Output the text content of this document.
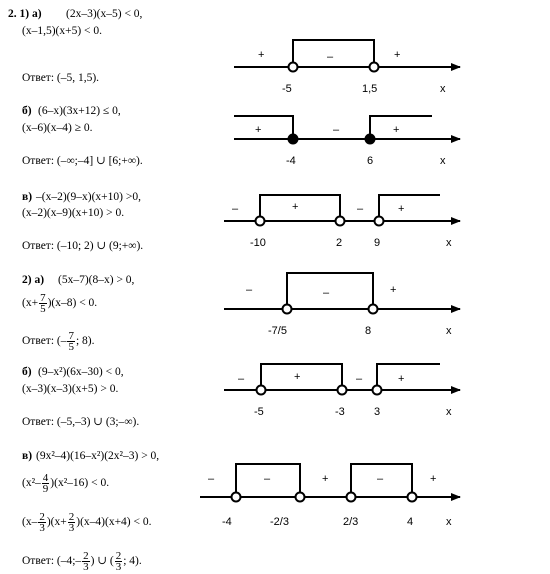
2. 1) а) (2x–3)(x–5) < 0,
(x–1,5)(x+5) < 0.
Ответ: (–5, 1,5).
б) (6–x)(3x+12) ≤ 0,
(x–6)(x–4) ≥ 0.
Ответ: (–∞;–4] ∪ [6;+∞).
в) –(x–2)(9–x)(x+10) >0,
(x–2)(x–9)(x+10) > 0.
Ответ: (–10; 2) ∪ (9;+∞).
2) а) (5x–7)(8–x) > 0,
$(x+ \frac{7}{5} )(x-8) < 0$.
Ответ: (– $\frac{7}{5}$ ; 8).
б) (9–x²)(6x–30) < 0,
(x–3)(x–3)(x+5) > 0.
Ответ: (–5,–3) ∪ (3;–∞).
в) (9x²–4)(16–x²)(2x²–3) > 0,
$(x^2- \frac{4}{9} )(x^2-16) < 0$.
$(x- \frac{2}{3} )(x+ \frac{2}{3} )(x-4)(x+4) < 0$.
Ответ: (–4;– $\frac{2}{3}$ ) ∪ ( $\frac{2}{3}$ ; 4).
+	–	+
-5	1,5	x
+	–	+
-4	6	x
–	+	–	+
-10	2	9	x
–	–	+
-7/5	8	x
–	+	–	+
-5	-3	3	x
–	–	+	–	+
-4	-2/3	2/3	4	x
